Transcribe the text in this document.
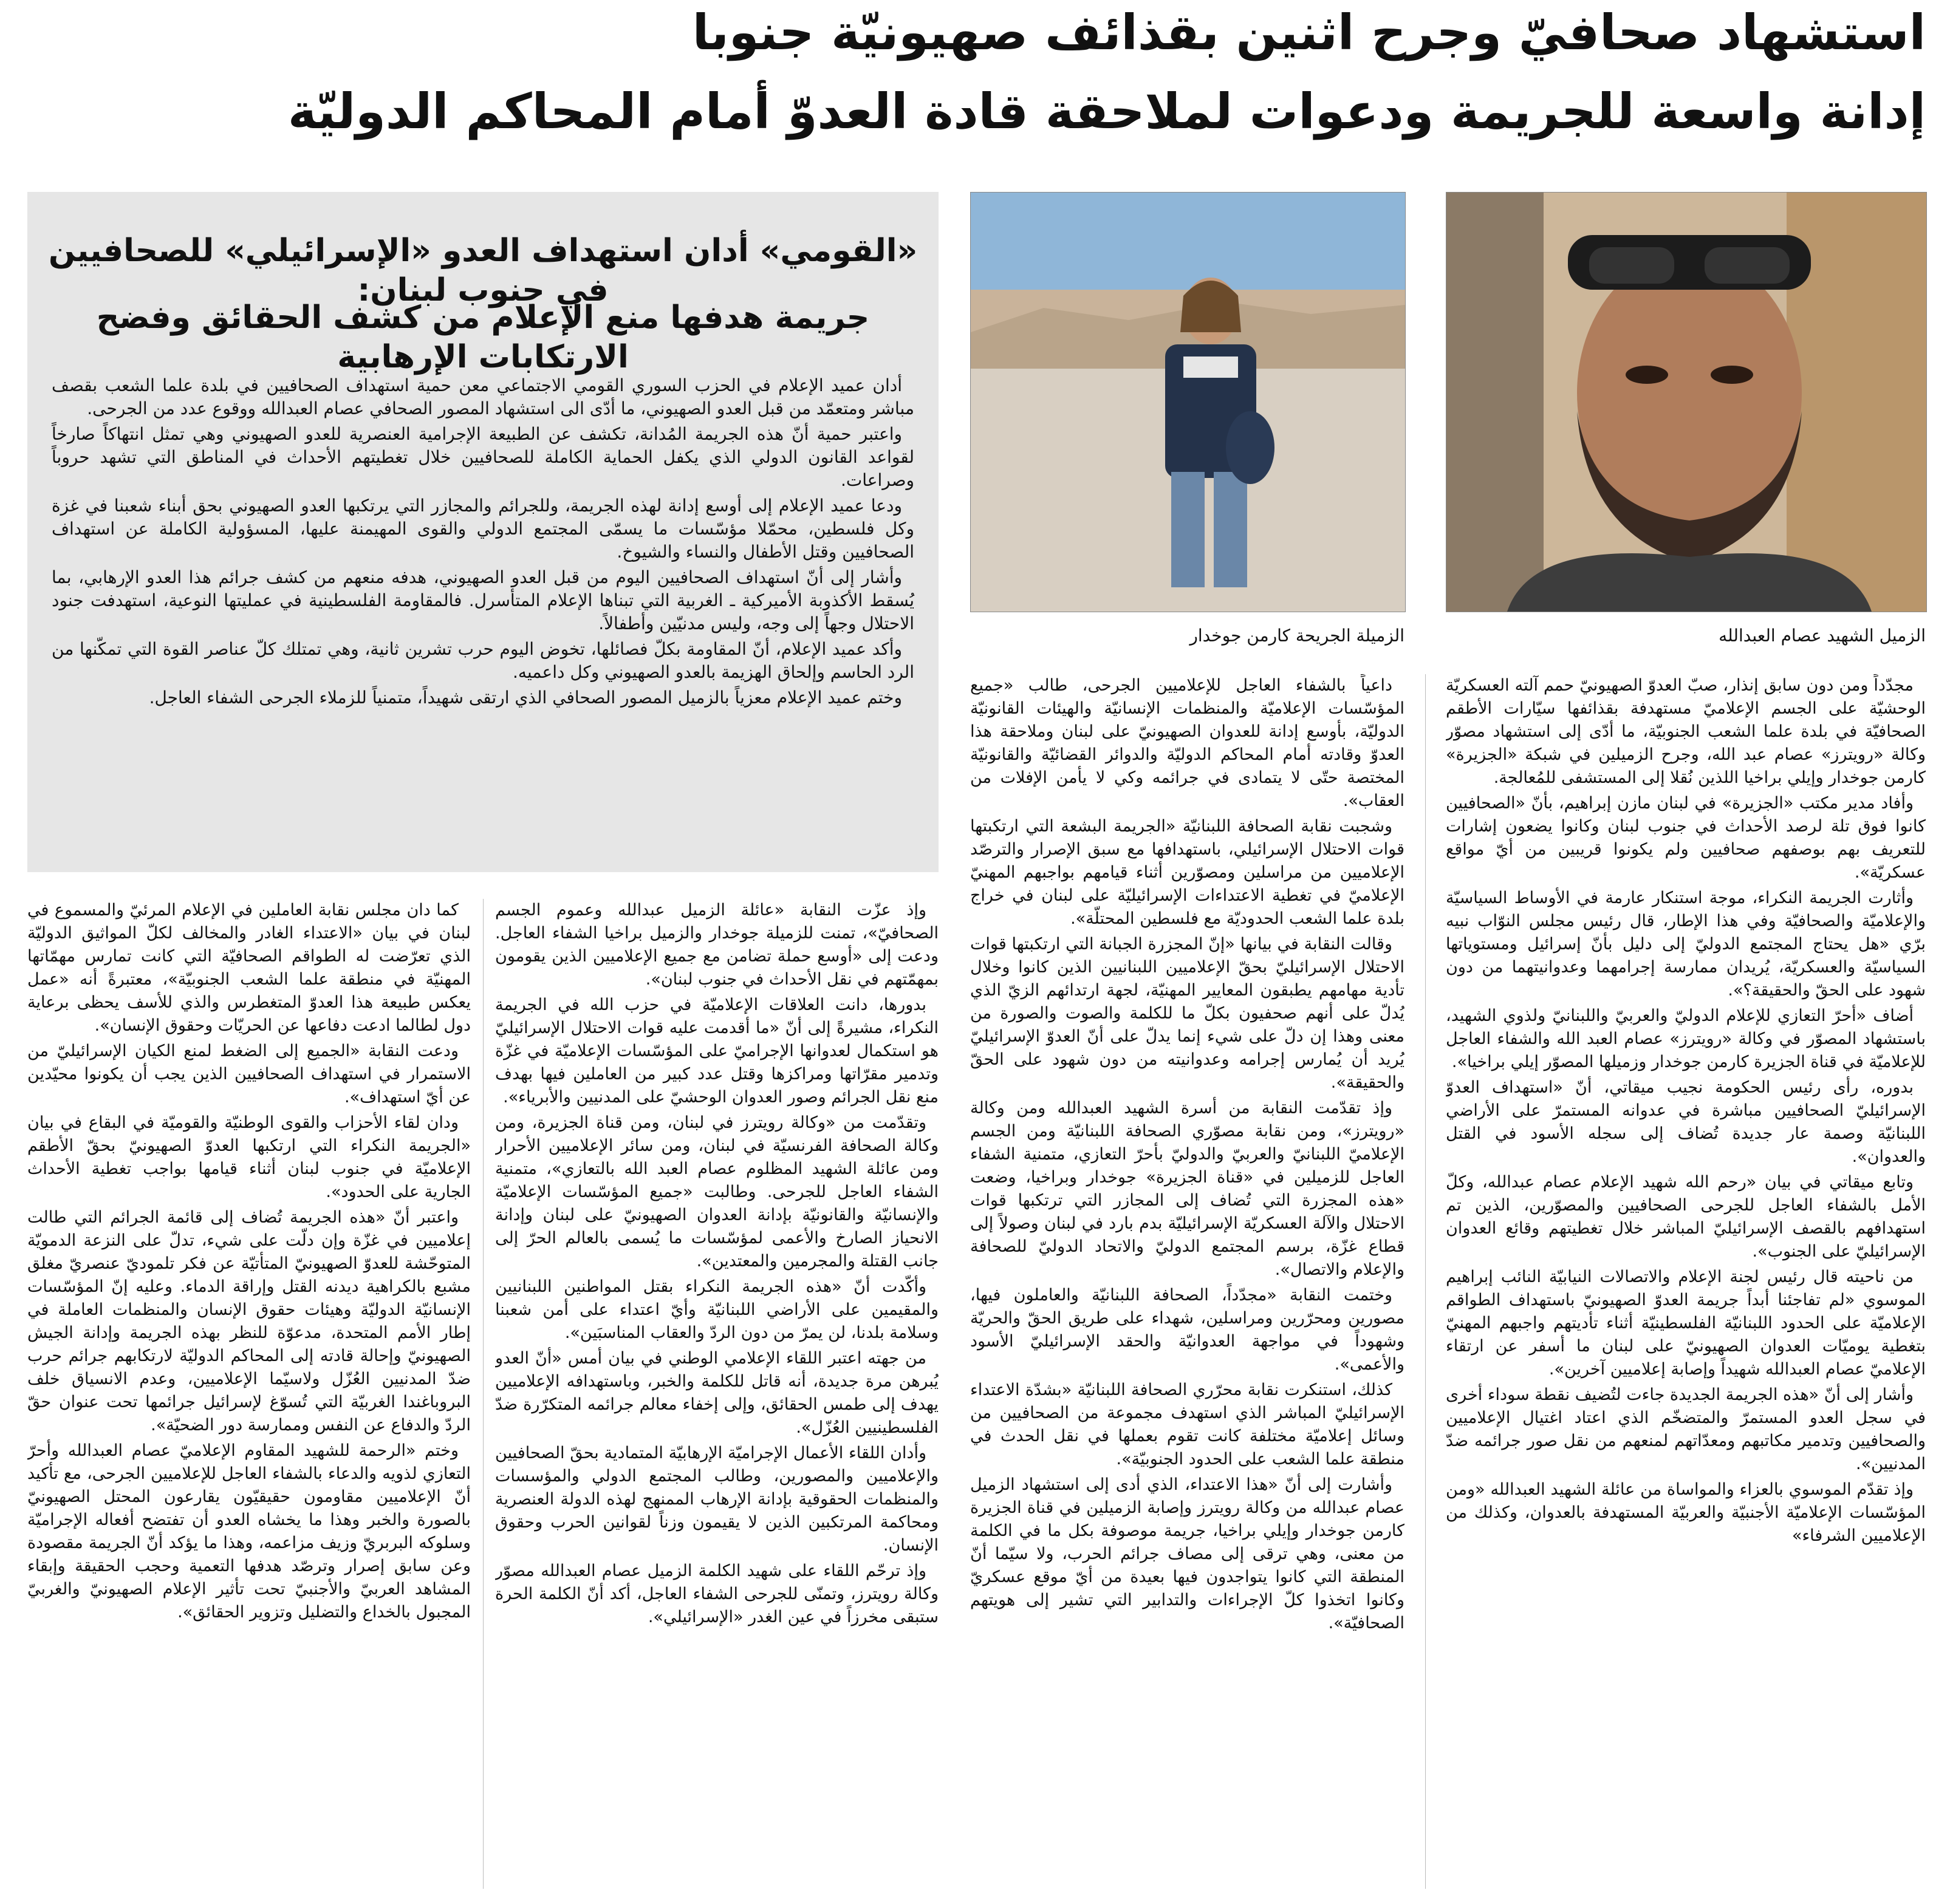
استشهاد صحافيّ وجرح اثنين بقذائف صهيونيّة جنوبا
إدانة واسعة للجريمة ودعوات لملاحقة قادة العدوّ أمام المحاكم الدوليّة
الزميل الشهيد عصام العبدالله
الزميلة الجريحة كارمن جوخدار
«القومي» أدان استهداف العدو «الإسرائيلي» للصحافيين في جنوب لبنان:
جريمة هدفها منع الإعلام من كشف الحقائق وفضح الارتكابات الإرهابية

أدان عميد الإعلام في الحزب السوري القومي الاجتماعي معن حمية استهداف الصحافيين في بلدة علما الشعب بقصف مباشر ومتعمّد من قبل العدو الصهيوني، ما أدّى الى استشهاد المصور الصحافي عصام العبدالله ووقوع عدد من الجرحى.

واعتبر حمية أنّ هذه الجريمة المُدانة، تكشف عن الطبيعة الإجرامية العنصرية للعدو الصهيوني وهي تمثل انتهاكاً صارخاً لقواعد القانون الدولي الذي يكفل الحماية الكاملة للصحافيين خلال تغطيتهم الأحداث في المناطق التي تشهد حروباً وصراعات.

ودعا عميد الإعلام إلى أوسع إدانة لهذه الجريمة، وللجرائم والمجازر التي يرتكبها العدو الصهيوني بحق أبناء شعبنا في غزة وكل فلسطين، محمّلا مؤسّسات ما يسمّى المجتمع الدولي والقوى المهيمنة عليها، المسؤولية الكاملة عن استهداف الصحافيين وقتل الأطفال والنساء والشيوخ.

وأشار إلى أنّ استهداف الصحافيين اليوم من قبل العدو الصهيوني، هدفه منعهم من كشف جرائم هذا العدو الإرهابي، بما يُسقط الأكذوبة الأميركية ـ الغربية التي تبناها الإعلام المتأسرل. فالمقاومة الفلسطينية في عمليتها النوعية، استهدفت جنود الاحتلال وجهاً إلى وجه، وليس مدنيّين وأطفالاً.

وأكد عميد الإعلام، أنّ المقاومة بكلّ فصائلها، تخوض اليوم حرب تشرين ثانية، وهي تمتلك كلّ عناصر القوة التي تمكّنها من الرد الحاسم وإلحاق الهزيمة بالعدو الصهيوني وكل داعميه.

وختم عميد الإعلام معزياً بالزميل المصور الصحافي الذي ارتقى شهيداً، متمنياً للزملاء الجرحى الشفاء العاجل.

مجدّداً ومن دون سابق إنذار، صبّ العدوّ الصهيونيّ حمم آلته العسكريّة الوحشيّة على الجسم الإعلاميّ مستهدفة بقذائفها سيّارات الأطقم الصحافيّة في بلدة علما الشعب الجنوبيّة، ما أدّى إلى استشهاد مصوّر وكالة «رويترز» عصام عبد الله، وجرح الزميلين في شبكة «الجزيرة» كارمن جوخدار وإيلي براخيا اللذين نُقلا إلى المستشفى للمُعالجة.

وأفاد مدير مكتب «الجزيرة» في لبنان مازن إبراهيم، بأنّ «الصحافيين كانوا فوق تلة لرصد الأحداث في جنوب لبنان وكانوا يضعون إشارات للتعريف بهم بوصفهم صحافيين ولم يكونوا قريبين من أيّ مواقع عسكريّة».

وأثارت الجريمة النكراء، موجة استنكار عارمة في الأوساط السياسيّة والإعلاميّة والصحافيّة وفي هذا الإطار، قال رئيس مجلس النوّاب نبيه برّي «هل يحتاج المجتمع الدوليّ إلى دليل بأنّ إسرائيل ومستوياتها السياسيّة والعسكريّة، يُريدان ممارسة إجرامهما وعدوانيتهما من دون شهود على الحقّ والحقيقة؟».

أضاف «أحرّ التعازي للإعلام الدوليّ والعربيّ واللبنانيّ ولذوي الشهيد، باستشهاد المصوّر في وكالة «رويترز» عصام العبد الله والشفاء العاجل للإعلاميّة في قناة الجزيرة كارمن جوخدار وزميلها المصوّر إيلي براخيا».

بدوره، رأى رئيس الحكومة نجيب ميقاتي، أنّ «استهداف العدوّ الإسرائيليّ الصحافيين مباشرة في عدوانه المستمرّ على الأراضي اللبنانيّة وصمة عار جديدة تُضاف إلى سجله الأسود في القتل والعدوان».

وتابع ميقاتي في بيان «رحم الله شهيد الإعلام عصام عبدالله، وكلّ الأمل بالشفاء العاجل للجرحى الصحافيين والمصوّرين، الذين تم استهدافهم بالقصف الإسرائيليّ المباشر خلال تغطيتهم وقائع العدوان الإسرائيليّ على الجنوب».

من ناحيته قال رئيس لجنة الإعلام والاتصالات النيابيّة النائب إبراهيم الموسوي «لم تفاجئنا أبداً جريمة العدوّ الصهيونيّ باستهداف الطواقم الإعلاميّة على الحدود اللبنانيّة الفلسطينيّة أثناء تأديتهم واجبهم المهنيّ بتغطية يوميّات العدوان الصهيونيّ على لبنان ما أسفر عن ارتقاء الإعلاميّ عصام العبدالله شهيداً وإصابة إعلاميين آخرين».

وأشار إلى أنّ «هذه الجريمة الجديدة جاءت لتُضيف نقطة سوداء أخرى في سجل العدو المستمرّ والمتضخّم الذي اعتاد اغتيال الإعلاميين والصحافيين وتدمير مكاتبهم ومعدّاتهم لمنعهم من نقل صور جرائمه ضدّ المدنيين».

وإذ تقدّم الموسوي بالعزاء والمواساة من عائلة الشهيد العبدالله «ومن المؤسّسات الإعلاميّة الأجنبيّة والعربيّة المستهدفة بالعدوان، وكذلك من الإعلاميين الشرفاء»

داعياً بالشفاء العاجل للإعلاميين الجرحى، طالب «جميع المؤسّسات الإعلاميّة والمنظمات الإنسانيّة والهيئات القانونيّة الدوليّة، بأوسع إدانة للعدوان الصهيونيّ على لبنان وملاحقة هذا العدوّ وقادته أمام المحاكم الدوليّة والدوائر القضائيّة والقانونيّة المختصة حتّى لا يتمادى في جرائمه وكي لا يأمن الإفلات من العقاب».

وشجبت نقابة الصحافة اللبنانيّة «الجريمة البشعة التي ارتكبتها قوات الاحتلال الإسرائيلي، باستهدافها مع سبق الإصرار والترصّد الإعلاميين من مراسلين ومصوّرين أثناء قيامهم بواجبهم المهنيّ الإعلاميّ في تغطية الاعتداءات الإسرائيليّة على لبنان في خراج بلدة علما الشعب الحدوديّة مع فلسطين المحتلّة».

وقالت النقابة في بيانها «إنّ المجزرة الجبانة التي ارتكبتها قوات الاحتلال الإسرائيليّ بحقّ الإعلاميين اللبنانيين الذين كانوا وخلال تأدية مهامهم يطبقون المعايير المهنيّة، لجهة ارتدائهم الزيّ الذي يُدلّ على أنهم صحفيون بكلّ ما للكلمة والصوت والصورة من معنى وهذا إن دلّ على شيء إنما يدلّ على أنّ العدوّ الإسرائيليّ يُريد أن يُمارس إجرامه وعدوانيته من دون شهود على الحقّ والحقيقة».

وإذ تقدّمت النقابة من أسرة الشهيد العبدالله ومن وكالة «رويترز»، ومن نقابة مصوّري الصحافة اللبنانيّة ومن الجسم الإعلاميّ اللبنانيّ والعربيّ والدوليّ بأحرّ التعازي، متمنية الشفاء العاجل للزميلين في «قناة الجزيرة» جوخدار وبراخيا، وضعت «هذه المجزرة التي تُضاف إلى المجازر التي ترتكبها قوات الاحتلال والآلة العسكريّة الإسرائيليّة بدم بارد في لبنان وصولاً إلى قطاع غزّة، برسم المجتمع الدوليّ والاتحاد الدوليّ للصحافة والإعلام والاتصال».

وختمت النقابة «مجدّداً، الصحافة اللبنانيّة والعاملون فيها، مصورين ومحرّرين ومراسلين، شهداء على طريق الحقّ والحريّة وشهوداً في مواجهة العدوانيّة والحقد الإسرائيليّ الأسود والأعمى».

كذلك، استنكرت نقابة محرّري الصحافة اللبنانيّة «بشدّة الاعتداء الإسرائيليّ المباشر الذي استهدف مجموعة من الصحافيين من وسائل إعلاميّة مختلفة كانت تقوم بعملها في نقل الحدث في منطقة علما الشعب على الحدود الجنوبيّة».

وأشارت إلى أنّ «هذا الاعتداء، الذي أدى إلى استشهاد الزميل عصام عبدالله من وكالة رويترز وإصابة الزميلين في قناة الجزيرة كارمن جوخدار وإيلي براخيا، جريمة موصوفة بكل ما في الكلمة من معنى، وهي ترقى إلى مصاف جرائم الحرب، ولا سيّما أنّ المنطقة التي كانوا يتواجدون فيها بعيدة من أيّ موقع عسكريّ وكانوا اتخذوا كلّ الإجراءات والتدابير التي تشير إلى هويتهم الصحافيّة».

وإذ عزّت النقابة «عائلة الزميل عبدالله وعموم الجسم الصحافيّ»، تمنت للزميلة جوخدار والزميل براخيا الشفاء العاجل. ودعت إلى «أوسع حملة تضامن مع جميع الإعلاميين الذين يقومون بمهمّتهم في نقل الأحداث في جنوب لبنان».

بدورها، دانت العلاقات الإعلاميّة في حزب الله في الجريمة النكراء، مشيرةً إلى أنّ «ما أقدمت عليه قوات الاحتلال الإسرائيليّ هو استكمال لعدوانها الإجراميّ على المؤسّسات الإعلاميّة في غزّة وتدمير مقرّاتها ومراكزها وقتل عدد كبير من العاملين فيها بهدف منع نقل الجرائم وصور العدوان الوحشيّ على المدنيين والأبرياء».

وتقدّمت من «وكالة رويترز في لبنان، ومن قناة الجزيرة، ومن وكالة الصحافة الفرنسيّة في لبنان، ومن سائر الإعلاميين الأحرار ومن عائلة الشهيد المظلوم عصام العبد الله بالتعازي»، متمنية الشفاء العاجل للجرحى. وطالبت «جميع المؤسّسات الإعلاميّة والإنسانيّة والقانونيّة بإدانة العدوان الصهيونيّ على لبنان وإدانة الانحياز الصارخ والأعمى لمؤسّسات ما يُسمى بالعالم الحرّ إلى جانب القتلة والمجرمين والمعتدين».

وأكّدت أنّ «هذه الجريمة النكراء بقتل المواطنين اللبنانيين والمقيمين على الأراضي اللبنانيّة وأيّ اعتداء على أمن شعبنا وسلامة بلدنا، لن يمرّ من دون الردّ والعقاب المناسبَين».

من جهته اعتبر اللقاء الإعلامي الوطني في بيان أمس «أنّ العدو يُبرهن مرة جديدة، أنه قاتل للكلمة والخبر، وباستهدافه الإعلاميين يهدف إلى طمس الحقائق، وإلى إخفاء معالم جرائمه المتكرّرة ضدّ الفلسطينيين العُزّل».

وأدان اللقاء الأعمال الإجراميّة الإرهابيّة المتمادية بحقّ الصحافيين والإعلاميين والمصورين، وطالب المجتمع الدولي والمؤسسات والمنظمات الحقوقية بإدانة الإرهاب الممنهج لهذه الدولة العنصرية ومحاكمة المرتكبين الذين لا يقيمون وزناً لقوانين الحرب وحقوق الإنسان.

وإذ ترحّم اللقاء على شهيد الكلمة الزميل عصام العبدالله مصوّر وكالة رويترز، وتمنّى للجرحى الشفاء العاجل، أكد أنّ الكلمة الحرة ستبقى مخرزاً في عين الغدر «الإسرائيلي».

كما دان مجلس نقابة العاملين في الإعلام المرئيّ والمسموع في لبنان في بيان «الاعتداء الغادر والمخالف لكلّ المواثيق الدوليّة الذي تعرّضت له الطواقم الصحافيّة التي كانت تمارس مهمّاتها المهنيّة في منطقة علما الشعب الجنوبيّة»، معتبرةً أنه «عمل يعكس طبيعة هذا العدوّ المتغطرس والذي للأسف يحظى برعاية دول لطالما ادعت دفاعها عن الحريّات وحقوق الإنسان».

ودعت النقابة «الجميع إلى الضغط لمنع الكيان الإسرائيليّ من الاستمرار في استهداف الصحافيين الذين يجب أن يكونوا محيّدين عن أيّ استهداف».

ودان لقاء الأحزاب والقوى الوطنيّة والقوميّة في البقاع في بيان «الجريمة النكراء التي ارتكبها العدوّ الصهيونيّ بحقّ الأطقم الإعلاميّة في جنوب لبنان أثناء قيامها بواجب تغطية الأحداث الجارية على الحدود».

واعتبر أنّ «هذه الجريمة تُضاف إلى قائمة الجرائم التي طالت إعلاميين في غزّة وإن دلّت على شيء، تدلّ على النزعة الدمويّة المتوحّشة للعدوّ الصهيونيّ المتأتيّة عن فكر تلموديّ عنصريّ مغلق مشبع بالكراهية ديدنه القتل وإراقة الدماء. وعليه إنّ المؤسّسات الإنسانيّة الدوليّة وهيئات حقوق الإنسان والمنظمات العاملة في إطار الأمم المتحدة، مدعوّة للنظر بهذه الجريمة وإدانة الجيش الصهيونيّ وإحالة قادته إلى المحاكم الدوليّة لارتكابهم جرائم حرب ضدّ المدنيين العُزّل ولاسيّما الإعلاميين، وعدم الانسياق خلف البروباغندا الغربيّة التي تُسوّغ لإسرائيل جرائمها تحت عنوان حقّ الردّ والدفاع عن النفس وممارسة دور الضحيّة».

وختم «الرحمة للشهيد المقاوم الإعلاميّ عصام العبدالله وأحرّ التعازي لذويه والدعاء بالشفاء العاجل للإعلاميين الجرحى، مع تأكيد أنّ الإعلاميين مقاومون حقيقيّون يقارعون المحتل الصهيونيّ بالصورة والخبر وهذا ما يخشاه العدو أن تفتضح أفعاله الإجراميّة وسلوكه البربريّ وزيف مزاعمه، وهذا ما يؤكد أنّ الجريمة مقصودة وعن سابق إصرار وترصّد هدفها التعمية وحجب الحقيقة وإبقاء المشاهد العربيّ والأجنبيّ تحت تأثير الإعلام الصهيونيّ والغربيّ المجبول بالخداع والتضليل وتزوير الحقائق».
